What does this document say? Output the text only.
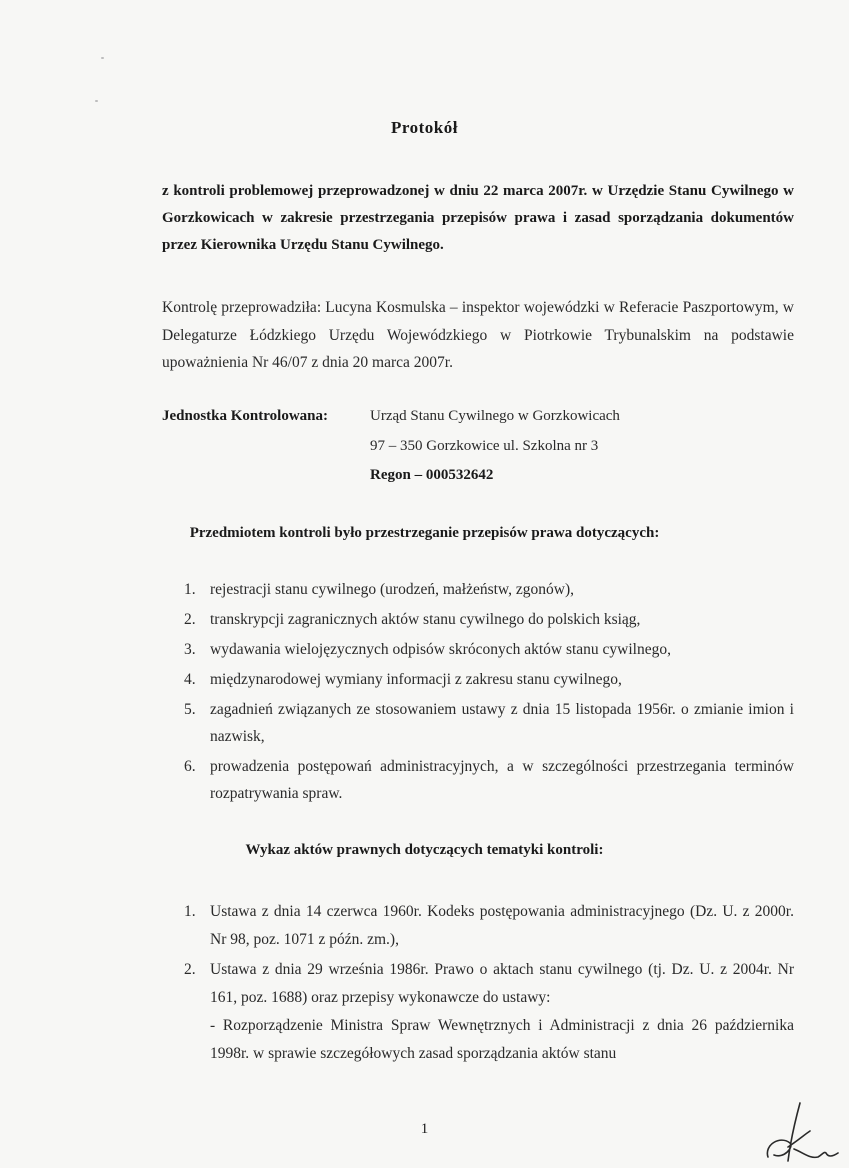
Protokół
z kontroli problemowej przeprowadzonej w dniu 22 marca 2007r. w Urzędzie Stanu Cywilnego w Gorzkowicach w zakresie przestrzegania przepisów prawa i zasad sporządzania dokumentów przez Kierownika Urzędu Stanu Cywilnego.
Kontrolę przeprowadziła: Lucyna Kosmulska – inspektor wojewódzki w Referacie Paszportowym, w Delegaturze Łódzkiego Urzędu Wojewódzkiego w Piotrkowie Trybunalskim na podstawie upoważnienia Nr 46/07 z dnia 20 marca 2007r.
Jednostka Kontrolowana:	Urząd Stanu Cywilnego w Gorzkowicach
97 – 350 Gorzkowice ul. Szkolna nr 3
Regon – 000532642
Przedmiotem kontroli było przestrzeganie przepisów prawa dotyczących:
1. rejestracji stanu cywilnego (urodzeń, małżeństw, zgonów),
2. transkrypcji zagranicznych aktów stanu cywilnego do polskich ksiąg,
3. wydawania wielojęzycznych odpisów skróconych aktów stanu cywilnego,
4. międzynarodowej wymiany informacji z zakresu stanu cywilnego,
5. zagadnień związanych ze stosowaniem ustawy z dnia 15 listopada 1956r. o zmianie imion i nazwisk,
6. prowadzenia postępowań administracyjnych, a w szczególności przestrzegania terminów rozpatrywania spraw.
Wykaz aktów prawnych dotyczących tematyki kontroli:
1. Ustawa z dnia 14 czerwca 1960r. Kodeks postępowania administracyjnego (Dz. U. z 2000r. Nr 98, poz. 1071 z późn. zm.),
2. Ustawa z dnia 29 września 1986r. Prawo o aktach stanu cywilnego (tj. Dz. U. z 2004r. Nr 161, poz. 1688) oraz przepisy wykonawcze do ustawy:
- Rozporządzenie Ministra Spraw Wewnętrznych i Administracji z dnia 26 października 1998r. w sprawie szczegółowych zasad sporządzania aktów stanu
1
